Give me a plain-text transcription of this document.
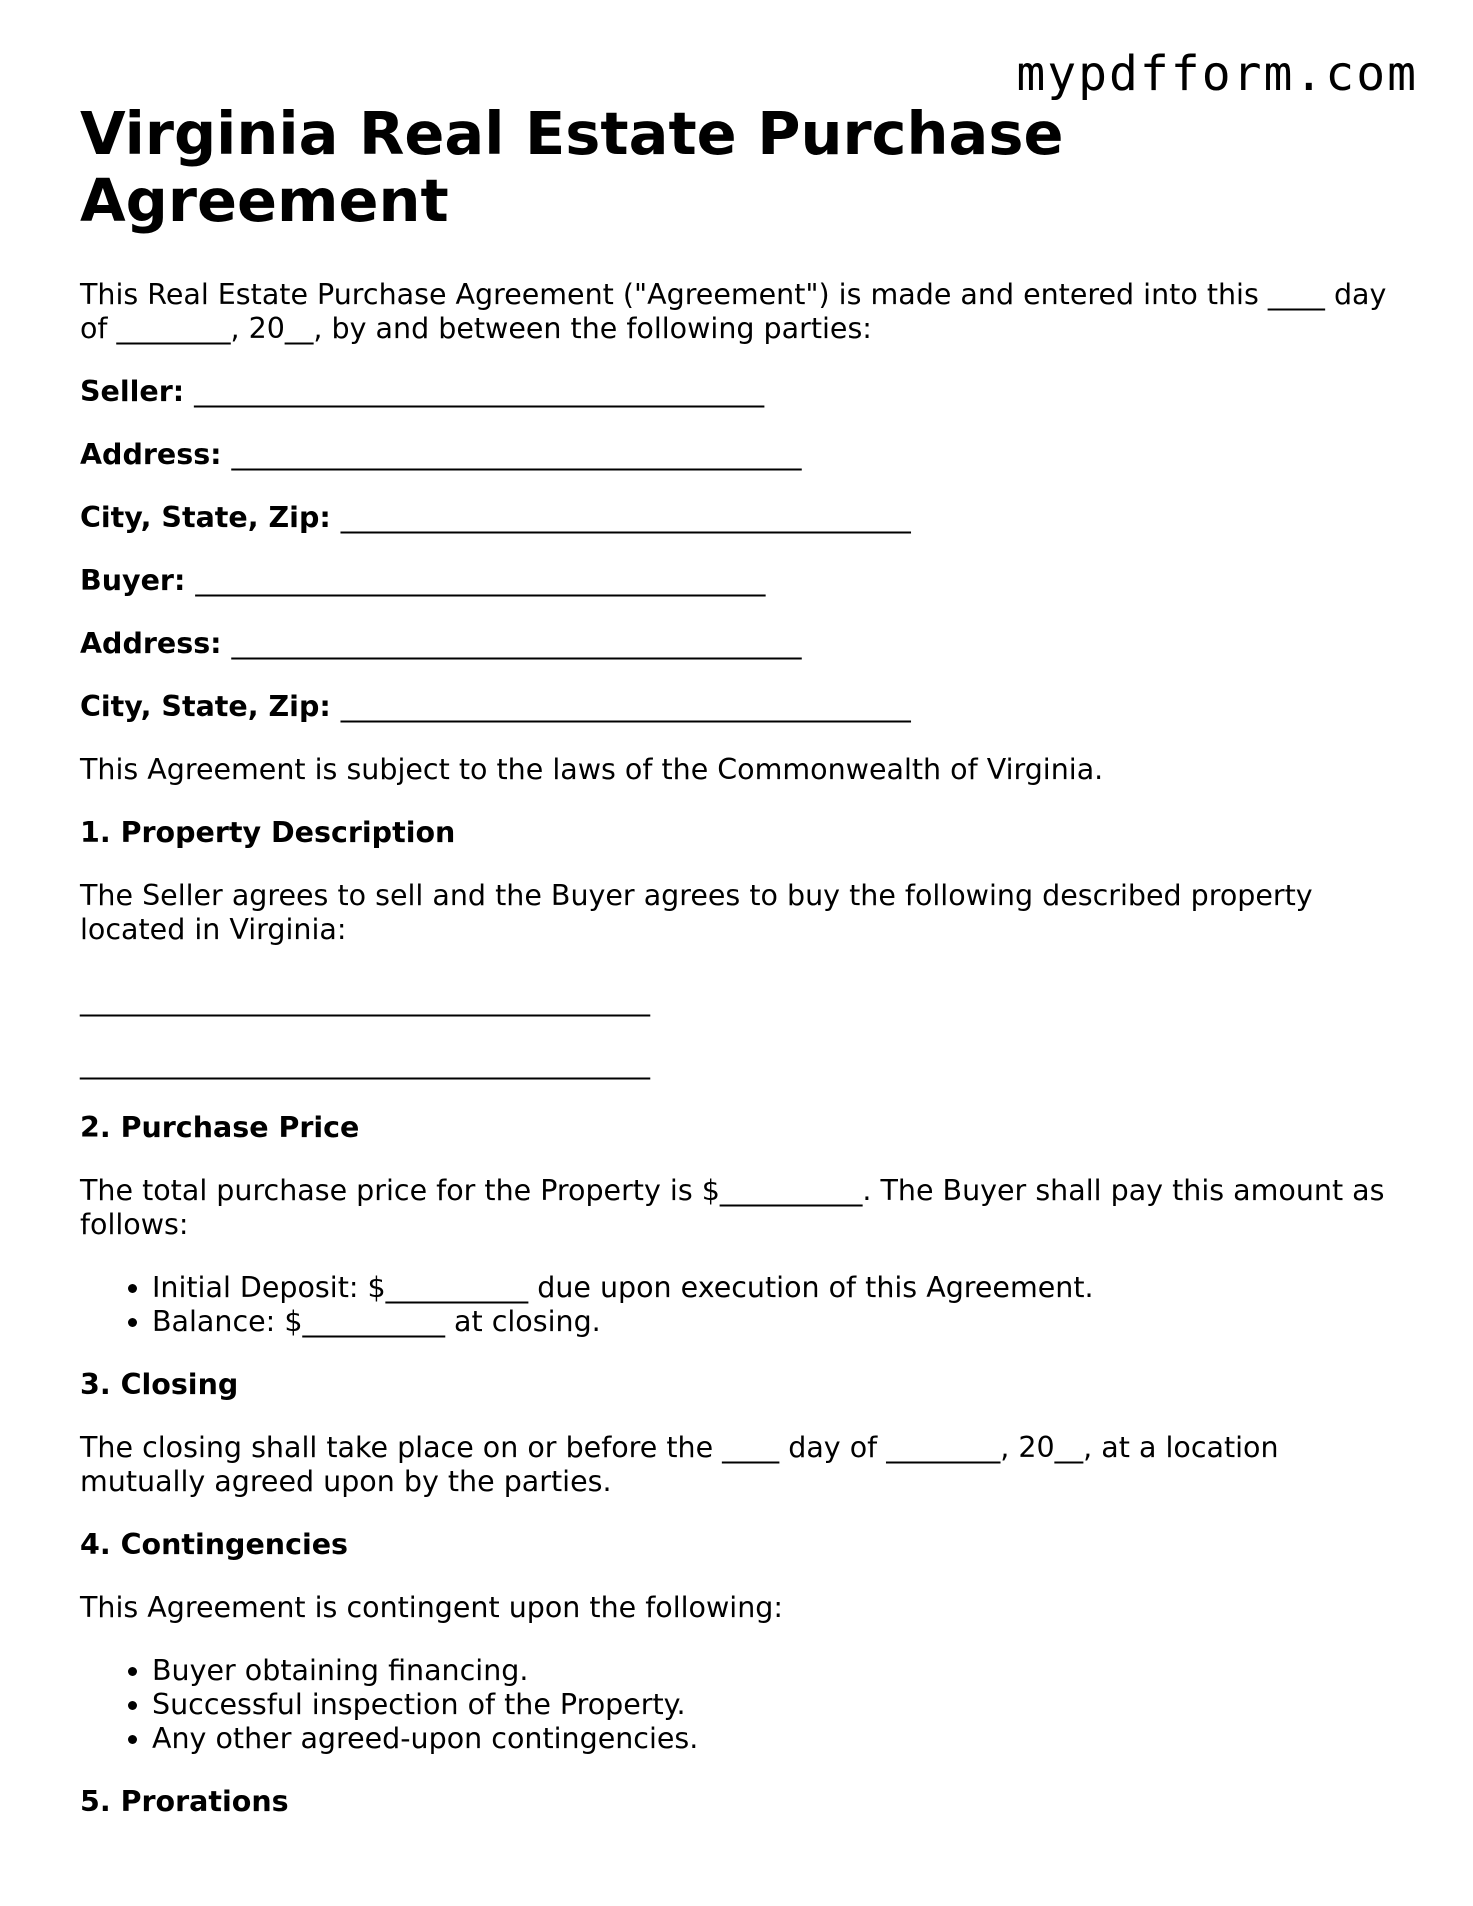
mypdfform.com
Virginia Real Estate Purchase Agreement

This Real Estate Purchase Agreement ("Agreement") is made and entered into this ____ day of ________, 20__, by and between the following parties:

Seller: ________________________________________
Address: ________________________________________
City, State, Zip: ________________________________________
Buyer: ________________________________________
Address: ________________________________________
City, State, Zip: ________________________________________

This Agreement is subject to the laws of the Commonwealth of Virginia.

1. Property Description

The Seller agrees to sell and the Buyer agrees to buy the following described property located in Virginia:

________________________________________

________________________________________

2. Purchase Price

The total purchase price for the Property is $__________. The Buyer shall pay this amount as follows:

• Initial Deposit: $__________ due upon execution of this Agreement.
• Balance: $__________ at closing.
3. Closing

The closing shall take place on or before the ____ day of ________, 20__, at a location mutually agreed upon by the parties.

4. Contingencies

This Agreement is contingent upon the following:

• Buyer obtaining financing.
• Successful inspection of the Property.
• Any other agreed-upon contingencies.
5. Prorations
